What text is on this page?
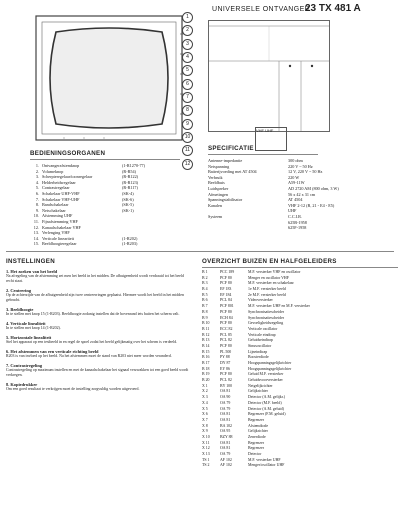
UNIVERSELE ONTVANGER
23 TX 481 A
1
2
3
4
5
6
7
8
9
10
11
12
VHF UHF
BEDIENINGSORGANEN
1. Ontvangerafstemknop	(1-R1270-77)
2. Volumeknop	(R-R54)
3. Scherpteregelaar/toonregelaar	(R-R122)
4. Helderheidsregelaar	(R-R123)
5. Contrastregelaar	(R-R117)
6. Schakelaar UHF-VHF	(SK-4)
7. Schakelaar VHF-UHF	(SK-6)
8. Bandschakelaar	(SK-5)
9. Netschakelaar	(SK-1)
10. Afstemming UHF
11. Fijnafstemming VHF
12. Kanaalschakelaar VHF
13. Verlenging VHF
14. Verticale lineariteit	(1-R202)
15. Beeldhoogteregelaar	(1-R203)
SPECIFICATIE
Antenne-impedantie	300 ohm
Netspanning	220 V ~ 50 Hz
Batterijvoeding met AT 4504	12 V, 220 V ~ 50 Hz
Verbruik	220 W
Beeldbuis	A59-11W
Luidspreker	AD 2720 AM (800 ohm, 3 W)
Afmetingen	56 x 42 x 31 cm
Spanningstabilisator	AT 4504
Kanalen	VHF 2-12 (B, 21 - E4 - E5)
UHF
Systeem	C.C.I.R.
625B-1958
625F-1958
INSTELLINGEN
1. Het zoeken van het beeld

Na afregeling van de afstemming zet men het beeld in het midden. De afbuigeenheid wordt verdraaid tot het beeld recht staat.

2. Centrering

Op de achterzijde van de afbuigeenheid zijn twee centreerringen geplaatst. Hiermee wordt het beeld in het midden gebracht.

3. Beeldhoogte

In te stellen met knop 15 (1-R203). Beeldhoogte zodanig instellen dat de bovenrand iets buiten het scherm valt.

4. Verticale linealiteit

In te stellen met knop 14 (1-R202).

5. Horizontale linealiteit

Stel het apparaat op een testbeeld in en regel de spoel zodat het beeld gelijkmatig over het scherm is verdeeld.

6. Het afstemmen van een verticale richting beeld

R203 is van invloed op het beeld. Na het afstemmen moet de stand van R203 niet meer worden veranderd.

7. Contrastregeling

Contrastregeling op maximum instellen en met de kanaalschakelaar het signaal verzwakken tot een goed beeld wordt verkregen.

8. Kopiedrukker

Om een goed resultaat te verkrijgen moet de instelling zorgvuldig worden uitgevoerd.

OVERZICHT BUIZEN EN HALFGELEIDERS
B 1	PCC 189	M.F. versterker VHF en oscillator
B 2	PCF 80	Menger en oscillator VHF
B 3	PCF 80	M.F. versterker en schakelaar
B 4	EF 183	1e M.F. versterker beeld
B 5	EF 184	2e M.F. versterker beeld
B 6	PCL 84	Videoversterker
B 7	PCF 801	M.F. versterker UHF en M.F. versterker
B 8	PCF 80	Synchronisatiescheider
B 9	ECH 84	Synchronisatiescheider
B 10	PCF 80	Gevoeligheidsregeling
B 11	ECC 82	Verticale oscillator
B 12	PCL 85	Verticale eindtrap
B 13	PCL 82	Geluidseindtrap
B 14	PCF 80	Sinusoscillator
B 15	PL 500	Lijneindtrap
B 16	PY 88	Boosterdiode
B 17	DY 87	Hoogspanningsgelijkrichter
B 18	EY 86	Hoogspanningsgelijkrichter
B 19	PCF 80	Geluid M.F. versterker
B 20	PCL 82	Geluidsvoorversterker
X 1	BY 100	Netgelijkrichter
X 2	OA 81	Gelijkrichter
X 3	OA 90	Detector (A.M. gelijkr.)
X 4	OA 79	Detector (M.F. beeld)
X 5	OA 79	Detector (A.M. geluid)
X 6	OA 81	Begrenzer (F.M. geluid)
X 7	OA 81	Begrenzer
X 8	BA 102	Afstemdiode
X 9	OA 95	Gelijkrichter
X 10	BZY 88	Zenerdiode
X 11	OA 81	Begrenzer
X 12	OA 81	Begrenzer
X 13	OA 79	Detector
TS 1	AF 102	M.F. versterker UHF
TS 2	AF 102	Menger/oscillator UHF
